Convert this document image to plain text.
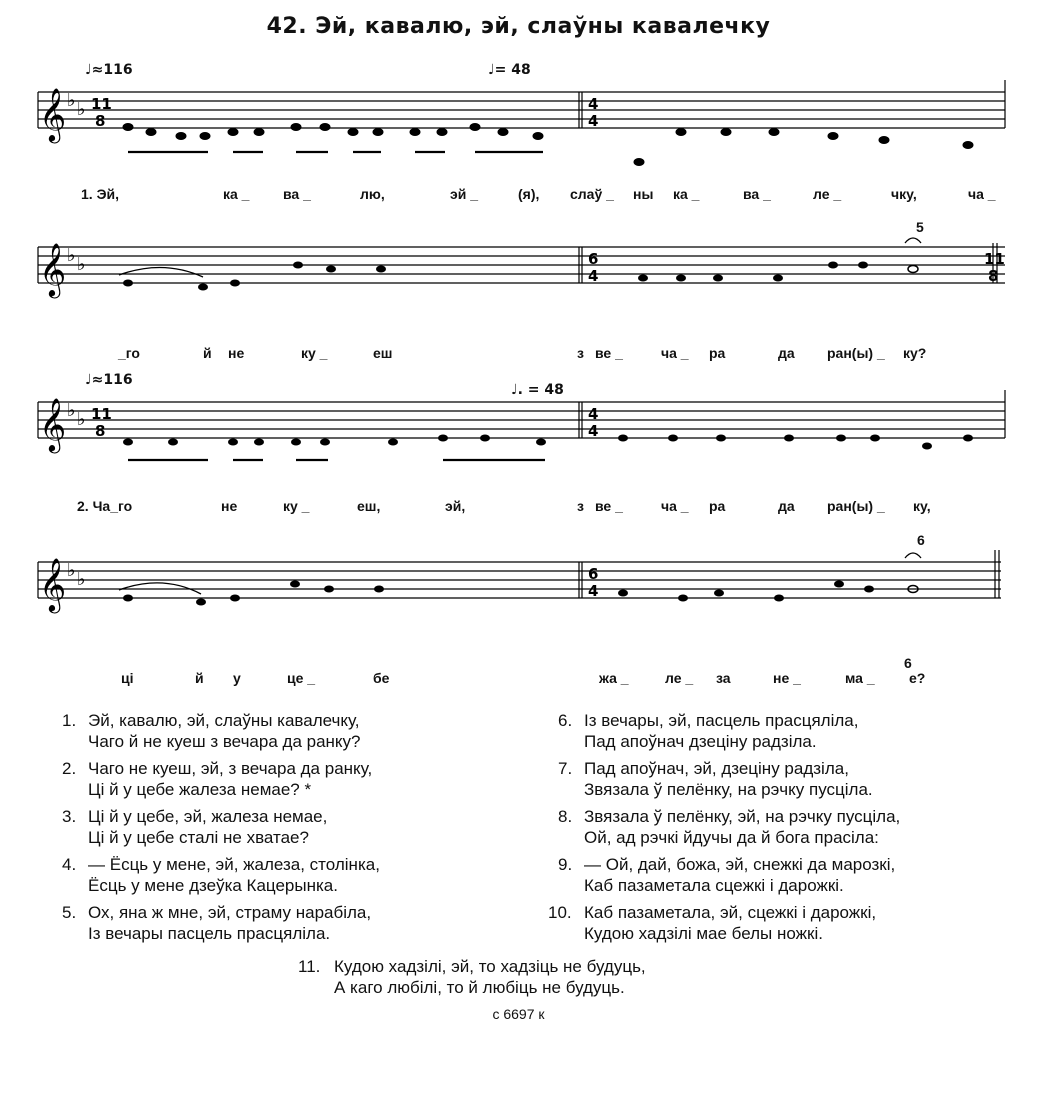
42. Эй, кавалю, эй, слаўны кавалечку
♩≈116	♩= 48
𝄞 ♭ ♭ 11
8
4
4
1. Эй,	ка _ ва _	лю,	эй _	(я), слаў _ ны ка _	ва _	ле _	чку,	ча _
5
𝄞 ♭ ♭	6
4
11
8
_го	й не	ку _	еш	з ве _	ча _ ра	да ран(ы) _ ку?
♩≈116
♩. = 48
𝄞 ♭ ♭ 11
8
4
4
2. Ча_го	не	ку _	еш,	эй,	з ве _	ча _ ра	да ран(ы) _ ку,
6
6
𝄞 ♭ ♭	6
4
ці	й у	це _	бе	жа _	ле _ за	не _	ма _ е?
1. Эй, кавалю, эй, слаўны кавалечку,
Чаго й не куеш з вечара да ранку?
2. Чаго не куеш, эй, з вечара да ранку,
Ці й у цебе жалеза немае? *
3. Ці й у цебе, эй, жалеза немае,
Ці й у цебе сталі не хватае?
4. — Ёсць у мене, эй, жалеза, столінка,
Ёсць у мене дзеўка Кацерынка.
5. Ох, яна ж мне, эй, страму нарабіла,
Із вечары пасцель прасцяліла.
6. Із вечары, эй, пасцель прасцяліла,
Пад апоўнач дзеціну радзіла.
7. Пад апоўнач, эй, дзеціну радзіла,
Звязала ў пелёнку, на рэчку пусціла.
8. Звязала ў пелёнку, эй, на рэчку пусціла,
Ой, ад рэчкі йдучы да й бога прасіла:
9. — Ой, дай, божа, эй, снежкі да марозкі,
Каб пазаметала сцежкі і дарожкі.
10. Каб пазаметала, эй, сцежкі і дарожкі,
Кудою хадзілі мае белы ножкі.
11. Кудою хадзілі, эй, то хадзіць не будуць,
А каго любілі, то й любіць не будуць.
с 6697 к
